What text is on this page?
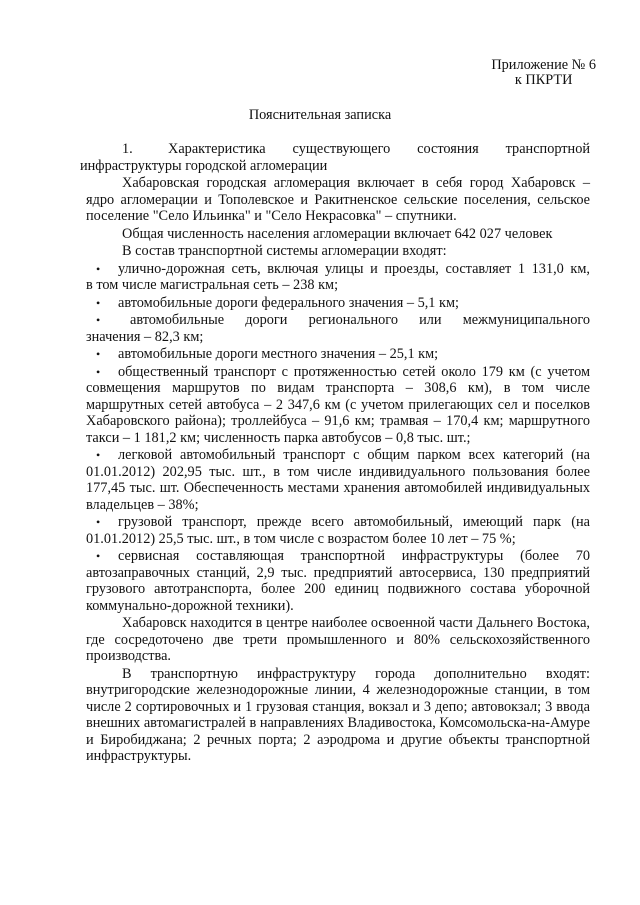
Приложение № 6
к ПКРТИ
Пояснительная записка
1. Характеристика существующего состояния транспортной
инфраструктуры городской агломерации
Хабаровская городская агломерация включает в себя город Хабаровск –
ядро агломерации и Тополевское и Ракитненское сельские поселения, сельское
поселение "Село Ильинка" и "Село Некрасовка" – спутники.
Общая численность населения агломерации включает 642 027 человек
В состав транспортной системы агломерации входят:
•улично-дорожная сеть, включая улицы и проезды, составляет 1 131,0 км,
в том числе магистральная сеть – 238 км;
•автомобильные дороги федерального значения – 5,1 км;
•автомобильные дороги регионального или межмуниципального
значения – 82,3 км;
•автомобильные дороги местного значения – 25,1 км;
•общественный транспорт с протяженностью сетей около 179 км (с учетом
совмещения маршрутов по видам транспорта – 308,6 км), в том числе
маршрутных сетей автобуса – 2 347,6 км (с учетом прилегающих сел и поселков
Хабаровского района); троллейбуса – 91,6 км; трамвая – 170,4 км; маршрутного
такси – 1 181,2 км; численность парка автобусов – 0,8 тыс. шт.;
•легковой автомобильный транспорт с общим парком всех категорий (на
01.01.2012) 202,95 тыс. шт., в том числе индивидуального пользования более
177,45 тыс. шт. Обеспеченность местами хранения автомобилей индивидуальных
владельцев – 38%;
•грузовой транспорт, прежде всего автомобильный, имеющий парк (на
01.01.2012) 25,5 тыс. шт., в том числе с возрастом более 10 лет – 75 %;
•сервисная составляющая транспортной инфраструктуры (более 70
автозаправочных станций, 2,9 тыс. предприятий автосервиса, 130 предприятий
грузового автотранспорта, более 200 единиц подвижного состава уборочной
коммунально-дорожной техники).
Хабаровск находится в центре наиболее освоенной части Дальнего Востока,
где сосредоточено две трети промышленного и 80% сельскохозяйственного
производства.
В транспортную инфраструктуру города дополнительно входят:
внутригородские железнодорожные линии, 4 железнодорожные станции, в том
числе 2 сортировочных и 1 грузовая станция, вокзал и 3 депо; автовокзал; 3 ввода
внешних автомагистралей в направлениях Владивостока, Комсомольска-на-Амуре
и Биробиджана; 2 речных порта; 2 аэродрома и другие объекты транспортной
инфраструктуры.
